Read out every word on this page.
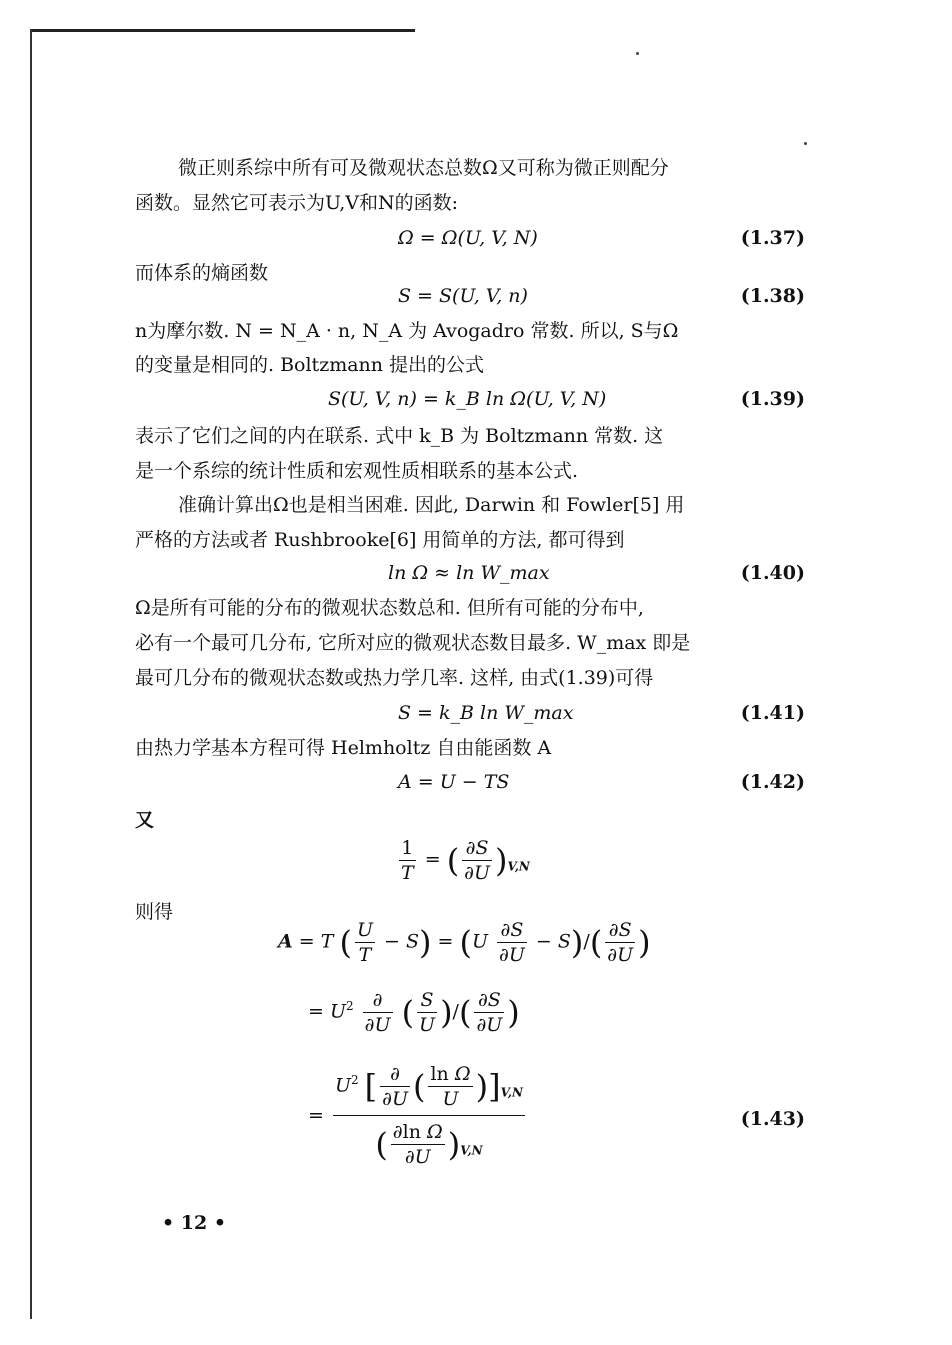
微正则系综中所有可及微观状态总数Ω又可称为微正则配分
函数。显然它可表示为U,V和N的函数:
Ω = Ω(U, V, N)	(1.37)
而体系的熵函数
S = S(U, V, n)	(1.38)
n为摩尔数. N = N_A · n, N_A 为 Avogadro 常数. 所以, S与Ω
的变量是相同的. Boltzmann 提出的公式
S(U, V, n) = k_B ln Ω(U, V, N)	(1.39)
表示了它们之间的内在联系. 式中 k_B 为 Boltzmann 常数. 这
是一个系综的统计性质和宏观性质相联系的基本公式.
准确计算出Ω也是相当困难. 因此, Darwin 和 Fowler[5] 用
严格的方法或者 Rushbrooke[6] 用简单的方法, 都可得到
ln Ω ≈ ln W_max	(1.40)
Ω是所有可能的分布的微观状态数总和. 但所有可能的分布中,
必有一个最可几分布, 它所对应的微观状态数目最多. W_max 即是
最可几分布的微观状态数或热力学几率. 这样, 由式(1.39)可得
S = k_B ln W_max	(1.41)
由热力学基本方程可得 Helmholtz 自由能函数 A
A = U − TS	(1.42)
又
$\frac{1}{T}$ = ( $\frac{\partial S}{\partial U} )_{V,N}$
则得
A = T ( $\frac{U}{T} - S) = (U \frac{\partial S}{\partial U} - S)/( \frac{\partial S}{\partial U}$ )
= $U^2 \frac{\partial}{\partial U}$ ( $\frac{S}{U}$ )/( $\frac{\partial S}{\partial U}$ )
= $\frac{U^2 [ \frac{\partial}{\partial U} ( \frac{\text{ln Ω}}{U} )]_{V,N}}{( \frac{\text{∂ln Ω}}{\partial U} )_{V,N}}$	(1.43)
• 12 •
